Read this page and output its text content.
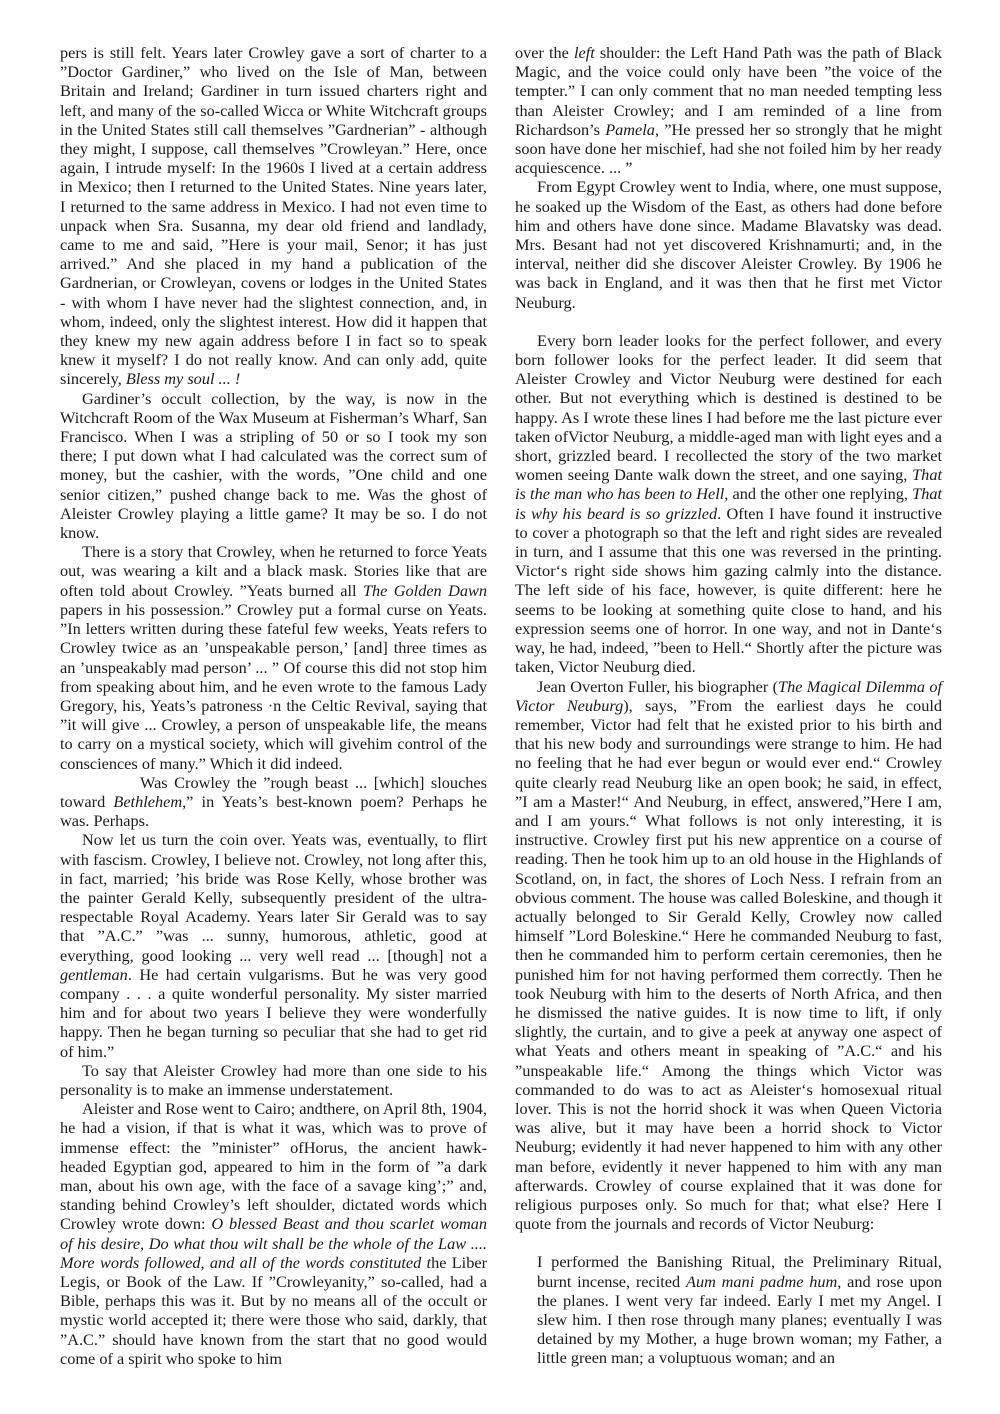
pers is still felt. Years later Crowley gave a sort of charter to a ”Doctor Gardiner,” who lived on the Isle of Man, between Britain and Ireland; Gardiner in turn issued charters right and left, and many of the so-called Wicca or White Witchcraft groups in the United States still call themselves ”Gardnerian” - although they might, I suppose, call themselves ”Crowleyan.” Here, once again, I intrude myself: In the 1960s I lived at a certain address in Mexico; then I returned to the United States. Nine years later, I returned to the same address in Mexico. I had not even time to unpack when Sra. Susanna, my dear old friend and landlady, came to me and said, ”Here is your mail, Senor; it has just arrived.” And she placed in my hand a publication of the Gardnerian, or Crowleyan, covens or lodges in the United States - with whom I have never had the slightest connection, and, in whom, indeed, only the slightest interest. How did it happen that they knew my new again address before I in fact so to speak knew it myself? I do not really know. And can only add, quite sincerely, Bless my soul ... !

Gardiner’s occult collection, by the way, is now in the Witchcraft Room of the Wax Museum at Fisherman’s Wharf, San Francisco. When I was a stripling of 50 or so I took my son there; I put down what I had calculated was the correct sum of money, but the cashier, with the words, ”One child and one senior citizen,” pushed change back to me. Was the ghost of Aleister Crowley playing a little game? It may be so. I do not know.

There is a story that Crowley, when he returned to force Yeats out, was wearing a kilt and a black mask. Stories like that are often told about Crowley. ”Yeats burned all The Golden Dawn papers in his possession.” Crowley put a formal curse on Yeats. ”In letters written during these fateful few weeks, Yeats refers to Crowley twice as an ’unspeakable person,’ [and] three times as an ’unspeakably mad person’ ... ” Of course this did not stop him from speaking about him, and he even wrote to the famous Lady Gregory, his, Yeats’s patroness ·n the Celtic Revival, saying that ”it will give ... Crowley, a person of unspeakable life, the means to carry on a mystical society, which will givehim control of the consciences of many.” Which it did indeed.

Was Crowley the ”rough beast ... [which] slouches toward Bethlehem,” in Yeats’s best-known poem? Perhaps he was. Perhaps.

Now let us turn the coin over. Yeats was, eventually, to flirt with fascism. Crowley, I believe not. Crowley, not long after this, in fact, married; ’his bride was Rose Kelly, whose brother was the painter Gerald Kelly, subsequently president of the ultra-respectable Royal Academy. Years later Sir Gerald was to say that ”A.C.” ”was ... sunny, humorous, athletic, good at everything, good looking ... very well read ... [though] not a gentleman. He had certain vulgarisms. But he was very good company . . . a quite wonderful personality. My sister married him and for about two years I believe they were wonderfully happy. Then he began turning so peculiar that she had to get rid of him.”

To say that Aleister Crowley had more than one side to his personality is to make an immense understatement.

Aleister and Rose went to Cairo; andthere, on April 8th, 1904, he had a vision, if that is what it was, which was to prove of immense effect: the ”minister” ofHorus, the ancient hawk-headed Egyptian god, appeared to him in the form of ”a dark man, about his own age, with the face of a savage king’;” and, standing behind Crowley’s left shoulder, dictated words which Crowley wrote down: O blessed Beast and thou scarlet woman of his desire, Do what thou wilt shall be the whole of the Law .... More words followed, and all of the words constituted the Liber Legis, or Book of the Law. If ”Crowleyanity,” so-called, had a Bible, perhaps this was it. But by no means all of the occult or mystic world accepted it; there were those who said, darkly, that ”A.C.” should have known from the start that no good would come of a spirit who spoke to him

over the left shoulder: the Left Hand Path was the path of Black Magic, and the voice could only have been ”the voice of the tempter.” I can only comment that no man needed tempting less than Aleister Crowley; and I am reminded of a line from Richardson’s Pamela, ”He pressed her so strongly that he might soon have done her mischief, had she not foiled him by her ready acquiescence. ... ”

From Egypt Crowley went to India, where, one must suppose, he soaked up the Wisdom of the East, as others had done before him and others have done since. Madame Blavatsky was dead. Mrs. Besant had not yet discovered Krishnamurti; and, in the interval, neither did she discover Aleister Crowley. By 1906 he was back in England, and it was then that he first met Victor Neuburg.

Every born leader looks for the perfect follower, and every born follower looks for the perfect leader. It did seem that Aleister Crowley and Victor Neuburg were destined for each other. But not everything which is destined is destined to be happy. As I wrote these lines I had before me the last picture ever taken ofVictor Neuburg, a middle-aged man with light eyes and a short, grizzled beard. I recollected the story of the two market women seeing Dante walk down the street, and one saying, That is the man who has been to Hell, and the other one replying, That is why his beard is so grizzled. Often I have found it instructive to cover a photograph so that the left and right sides are revealed in turn, and I assume that this one was reversed in the printing. Victor‘s right side shows him gazing calmly into the distance. The left side of his face, however, is quite different: here he seems to be looking at something quite close to hand, and his expression seems one of horror. In one way, and not in Dante‘s way, he had, indeed, ”been to Hell.“ Shortly after the picture was taken, Victor Neuburg died.

Jean Overton Fuller, his biographer (The Magical Dilemma of Victor Neuburg), says, ”From the earliest days he could remember, Victor had felt that he existed prior to his birth and that his new body and surroundings were strange to him. He had no feeling that he had ever begun or would ever end.“ Crowley quite clearly read Neuburg like an open book; he said, in effect, ”I am a Master!“ And Neuburg, in effect, answered,”Here I am, and I am yours.“ What follows is not only interesting, it is instructive. Crowley first put his new apprentice on a course of reading. Then he took him up to an old house in the Highlands of Scotland, on, in fact, the shores of Loch Ness. I refrain from an obvious comment. The house was called Boleskine, and though it actually belonged to Sir Gerald Kelly, Crowley now called himself ”Lord Boleskine.“ Here he commanded Neuburg to fast, then he commanded him to perform certain ceremonies, then he punished him for not having performed them correctly. Then he took Neuburg with him to the deserts of North Africa, and then he dismissed the native guides. It is now time to lift, if only slightly, the curtain, and to give a peek at anyway one aspect of what Yeats and others meant in speaking of ”A.C.“ and his ”unspeakable life.“ Among the things which Victor was commanded to do was to act as Aleister‘s homosexual ritual lover. This is not the horrid shock it was when Queen Victoria was alive, but it may have been a horrid shock to Victor Neuburg; evidently it had never happened to him with any other man before, evidently it never happened to him with any man afterwards. Crowley of course explained that it was done for religious purposes only. So much for that; what else? Here I quote from the journals and records of Victor Neuburg:

I performed the Banishing Ritual, the Preliminary Ritual, burnt incense, recited Aum mani padme hum, and rose upon the planes. I went very far indeed. Early I met my Angel. I slew him. I then rose through many planes; eventually I was detained by my Mother, a huge brown woman; my Father, a little green man; a voluptuous woman; and an
